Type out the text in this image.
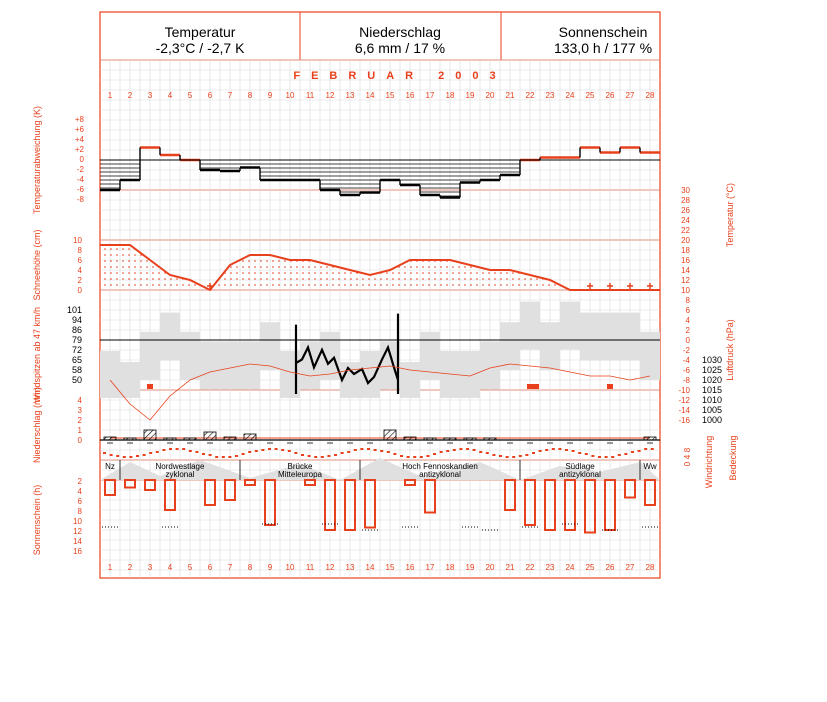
Temperatur
-2,3°C / -2,7 K
Niederschlag
6,6 mm / 17 %
Sonnenschein
133,0 h / 177 %
FEBRUAR 2003
1 2 3 4 5 6 7 8 9 10 11 12 13 14 15 16 17 18 19 20 21 22 23 24 25 26 27 28
1 2 3 4 5 6 7 8 9 10 11 12 13 14 15 16 17 18 19 20 21 22 23 24 25 26 27 28
Temperaturabweichung (K)
Temperatur (°C)
Schneehöhe (cm)
Windspitzen ab 47 km/h	Luftdruck (hPa)
Niederschlag (mm)
Sonnenschein (h)
Windrichtung Bedeckung
+8
+6
+4
+2
0
-2
-4
-6
-8
30
28
26
24
22
20
18
16
14
12
10
8
6
4
2
0
-2
-4
-6
-8
-10
-12
-14
-16
10
8
6
4
2
0
101
94
86
79
72
65
58
50
1030
1025
1020
1015
1010
1005
1000
4
3
2
1
0
2
4
6
8
10
12
14
16
8
4
0
Nz	Nordwestlage
zyklonal
Brücke
Mitteleuropa
Hoch Fennoskandien
antizyklonal
Südlage
antizyklonal
Ww
